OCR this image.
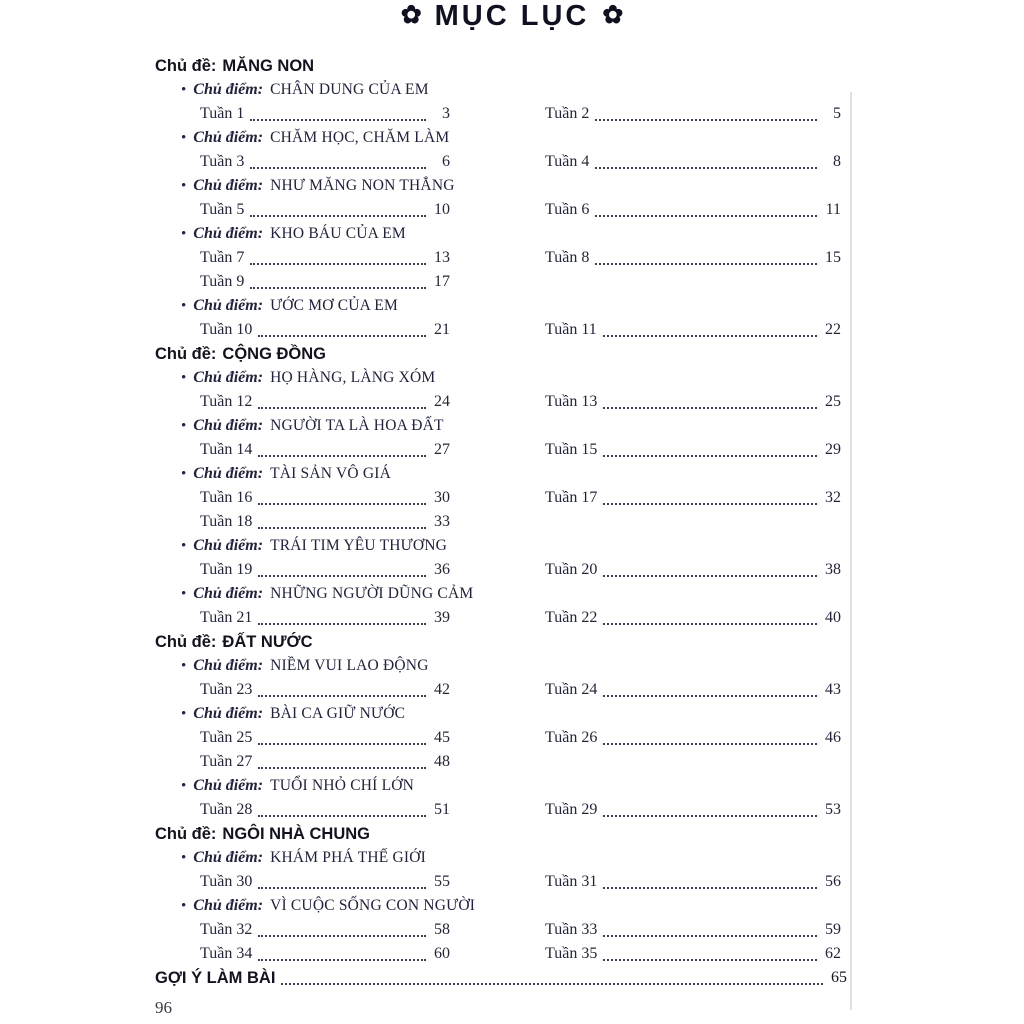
✿ MỤC LỤC ✿
Chủ đề: MĂNG NON
• Chủ điểm: CHÂN DUNG CỦA EM
Tuần 1	3	Tuần 2	5
• Chủ điểm: CHĂM HỌC, CHĂM LÀM
Tuần 3	6	Tuần 4	8
• Chủ điểm: NHƯ MĂNG NON THẲNG
Tuần 5	10	Tuần 6	11
• Chủ điểm: KHO BÁU CỦA EM
Tuần 7	13	Tuần 8	15
Tuần 9	17
• Chủ điểm: ƯỚC MƠ CỦA EM
Tuần 10	21	Tuần 11	22
Chủ đề: CỘNG ĐỒNG
• Chủ điểm: HỌ HÀNG, LÀNG XÓM
Tuần 12	24	Tuần 13	25
• Chủ điểm: NGƯỜI TA LÀ HOA ĐẤT
Tuần 14	27	Tuần 15	29
• Chủ điểm: TÀI SẢN VÔ GIÁ
Tuần 16	30	Tuần 17	32
Tuần 18	33
• Chủ điểm: TRÁI TIM YÊU THƯƠNG
Tuần 19	36	Tuần 20	38
• Chủ điểm: NHỮNG NGƯỜI DŨNG CẢM
Tuần 21	39	Tuần 22	40
Chủ đề: ĐẤT NƯỚC
• Chủ điểm: NIỀM VUI LAO ĐỘNG
Tuần 23	42	Tuần 24	43
• Chủ điểm: BÀI CA GIỮ NƯỚC
Tuần 25	45	Tuần 26	46
Tuần 27	48
• Chủ điểm: TUỔI NHỎ CHÍ LỚN
Tuần 28	51	Tuần 29	53
Chủ đề: NGÔI NHÀ CHUNG
• Chủ điểm: KHÁM PHÁ THẾ GIỚI
Tuần 30	55	Tuần 31	56
• Chủ điểm: VÌ CUỘC SỐNG CON NGƯỜI
Tuần 32	58	Tuần 33	59
Tuần 34	60	Tuần 35	62
GỢI Ý LÀM BÀI	65
96
